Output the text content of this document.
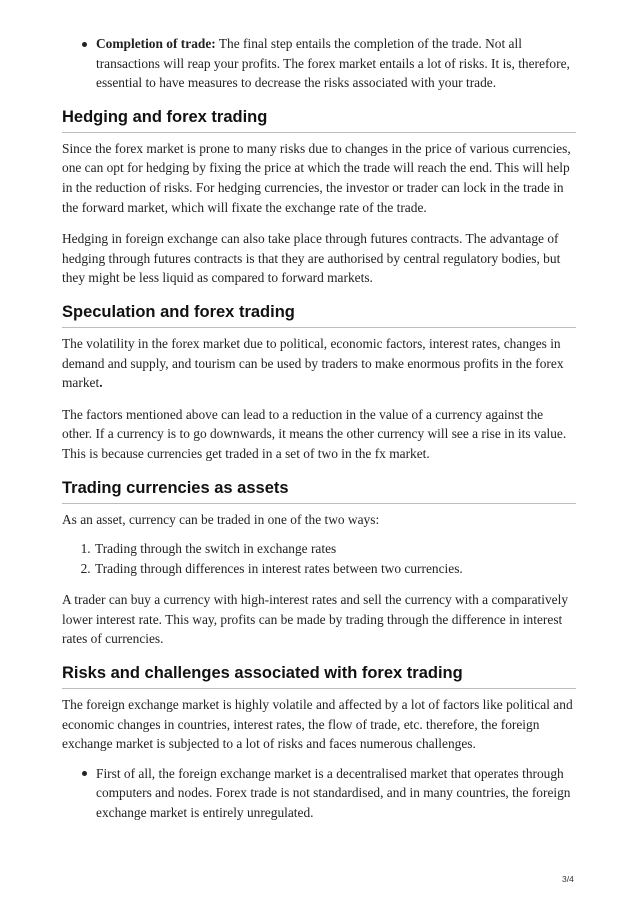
Completion of trade: The final step entails the completion of the trade. Not all transactions will reap your profits. The forex market entails a lot of risks. It is, therefore, essential to have measures to decrease the risks associated with your trade.
Hedging and forex trading

Since the forex market is prone to many risks due to changes in the price of various currencies, one can opt for hedging by fixing the price at which the trade will reach the end. This will help in the reduction of risks. For hedging currencies, the investor or trader can lock in the trade in the forward market, which will fixate the exchange rate of the trade.

Hedging in foreign exchange can also take place through futures contracts. The advantage of hedging through futures contracts is that they are authorised by central regulatory bodies, but they might be less liquid as compared to forward markets.

Speculation and forex trading

The volatility in the forex market due to political, economic factors, interest rates, changes in demand and supply, and tourism can be used by traders to make enormous profits in the forex market.

The factors mentioned above can lead to a reduction in the value of a currency against the other. If a currency is to go downwards, it means the other currency will see a rise in its value. This is because currencies get traded in a set of two in the fx market.

Trading currencies as assets

As an asset, currency can be traded in one of the two ways:

1. Trading through the switch in exchange rates
2. Trading through differences in interest rates between two currencies.

A trader can buy a currency with high-interest rates and sell the currency with a comparatively lower interest rate. This way, profits can be made by trading through the difference in interest rates of currencies.

Risks and challenges associated with forex trading

The foreign exchange market is highly volatile and affected by a lot of factors like political and economic changes in countries, interest rates, the flow of trade, etc. therefore, the foreign exchange market is subjected to a lot of risks and faces numerous challenges.

First of all, the foreign exchange market is a decentralised market that operates through computers and nodes. Forex trade is not standardised, and in many countries, the foreign exchange market is entirely unregulated.
3/4
